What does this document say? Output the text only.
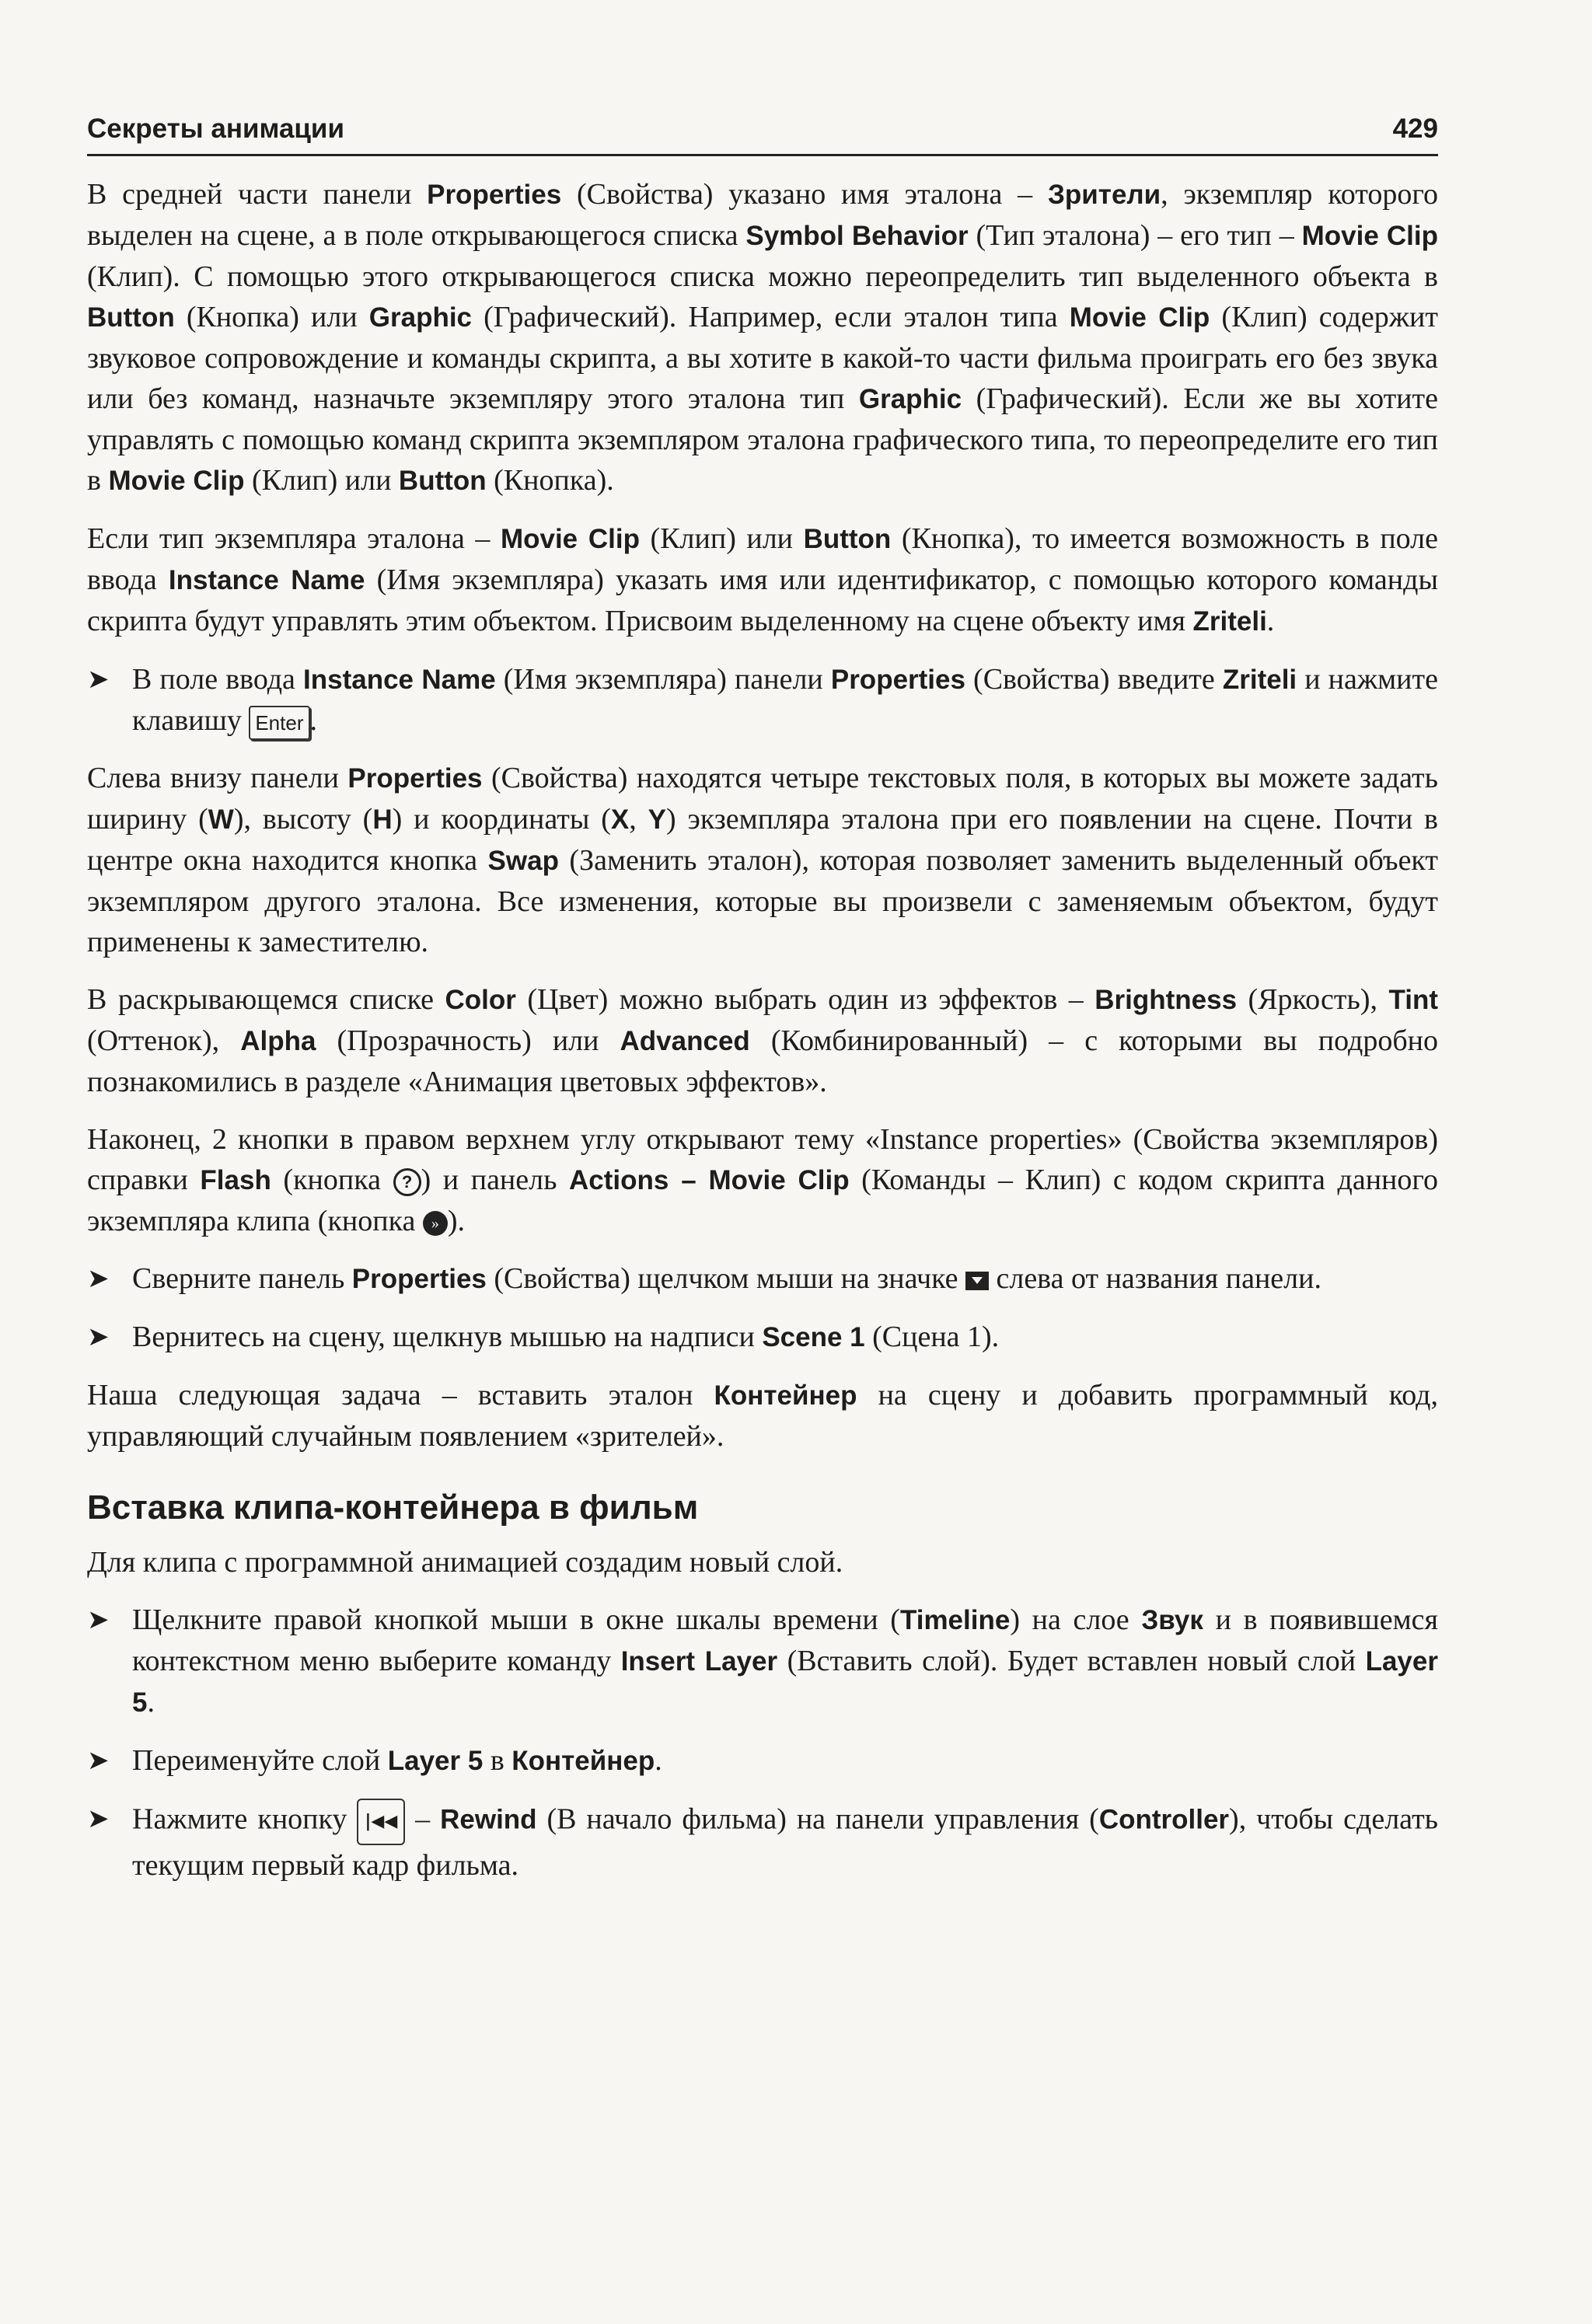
Секреты анимации	429

В средней части панели Properties (Свойства) указано имя эталона – Зрители, экземпляр которого выделен на сцене, а в поле открывающегося списка Symbol Behavior (Тип эталона) – его тип – Movie Clip (Клип). С помощью этого открывающегося списка можно переопределить тип выделенного объекта в Button (Кнопка) или Graphic (Графический). Например, если эталон типа Movie Clip (Клип) содержит звуковое сопровождение и команды скрипта, а вы хотите в какой-то части фильма проиграть его без звука или без команд, назначьте экземпляру этого эталона тип Graphic (Графический). Если же вы хотите управлять с помощью команд скрипта экземпляром эталона графического типа, то переопределите его тип в Movie Clip (Клип) или Button (Кнопка).

Если тип экземпляра эталона – Movie Clip (Клип) или Button (Кнопка), то имеется возможность в поле ввода Instance Name (Имя экземпляра) указать имя или идентификатор, с помощью которого команды скрипта будут управлять этим объектом. Присвоим выделенному на сцене объекту имя Zriteli.

➤ В поле ввода Instance Name (Имя экземпляра) панели Properties (Свойства) введите Zriteli и нажмите клавишу Enter .

Слева внизу панели Properties (Свойства) находятся четыре текстовых поля, в которых вы можете задать ширину (W), высоту (H) и координаты (X, Y) экземпляра эталона при его появлении на сцене. Почти в центре окна находится кнопка Swap (Заменить эталон), которая позволяет заменить выделенный объект экземпляром другого эталона. Все изменения, которые вы произвели с заменяемым объектом, будут применены к заместителю.

В раскрывающемся списке Color (Цвет) можно выбрать один из эффектов – Brightness (Яркость), Tint (Оттенок), Alpha (Прозрачность) или Advanced (Комбинированный) – с которыми вы подробно познакомились в разделе «Анимация цветовых эффектов».

Наконец, 2 кнопки в правом верхнем углу открывают тему «Instance properties» (Свойства экземпляров) справки Flash (кнопка ? ) и панель Actions – Movie Clip (Команды – Клип) с кодом скрипта данного экземпляра клипа (кнопка » ).

➤ Сверните панель Properties (Свойства) щелчком мыши на значке  слева от названия панели.

➤ Вернитесь на сцену, щелкнув мышью на надписи Scene 1 (Сцена 1).

Наша следующая задача – вставить эталон Контейнер на сцену и добавить программный код, управляющий случайным появлением «зрителей».

Вставка клипа-контейнера в фильм

Для клипа с программной анимацией создадим новый слой.

➤ Щелкните правой кнопкой мыши в окне шкалы времени (Timeline) на слое Звук и в появившемся контекстном меню выберите команду Insert Layer (Вставить слой). Будет вставлен новый слой Layer 5.

➤ Переименуйте слой Layer 5 в Контейнер.

➤ Нажмите кнопку |◀◀ – Rewind (В начало фильма) на панели управления (Controller), чтобы сделать текущим первый кадр фильма.
